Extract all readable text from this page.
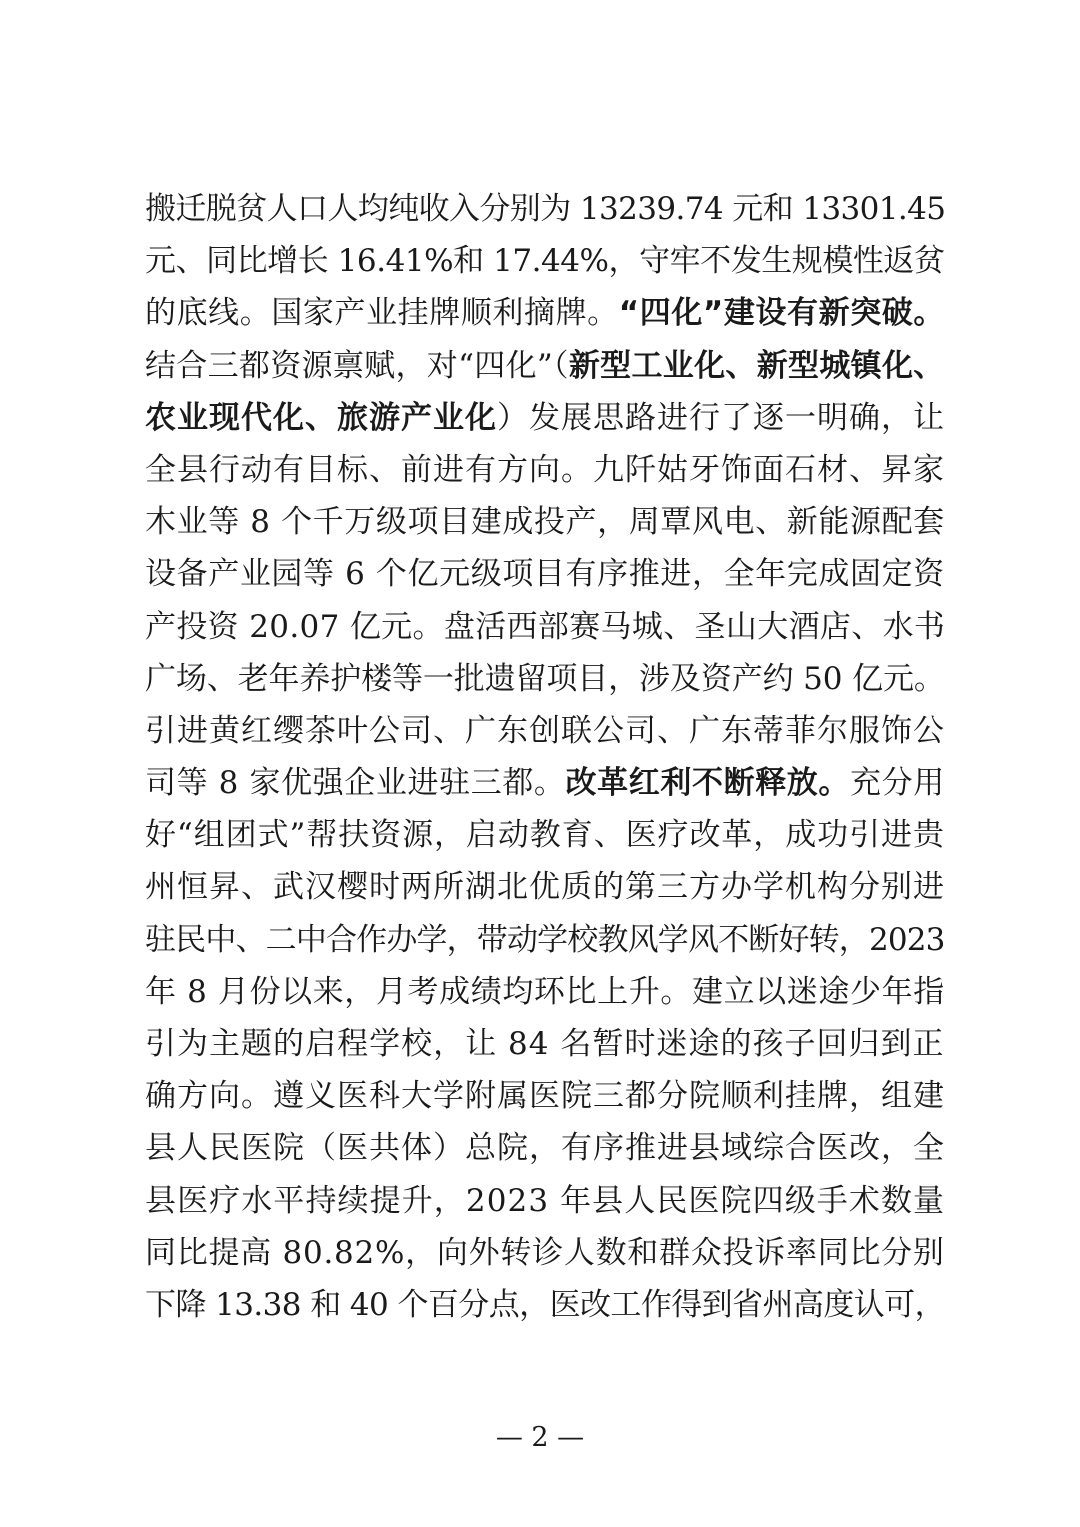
搬迁脱贫人口人均纯收入分别为 13239.74 元和 13301.45
元、同比增长 16.41%和 17.44%，守牢不发生规模性返贫
的底线。国家产业挂牌顺利摘牌。“四化”建设有新突破。
结合三都资源禀赋，对“四化”（新型工业化、新型城镇化、
农业现代化、旅游产业化）发展思路进行了逐一明确，让
全县行动有目标、前进有方向。九阡姑牙饰面石材、昇家
木业等 8 个千万级项目建成投产，周覃风电、新能源配套
设备产业园等 6 个亿元级项目有序推进，全年完成固定资
产投资 20.07 亿元。盘活西部赛马城、圣山大酒店、水书
广场、老年养护楼等一批遗留项目，涉及资产约 50 亿元。
引进黄红缨茶叶公司、广东创联公司、广东蒂菲尔服饰公
司等 8 家优强企业进驻三都。改革红利不断释放。充分用
好“组团式”帮扶资源，启动教育、医疗改革，成功引进贵
州恒昇、武汉樱时两所湖北优质的第三方办学机构分别进
驻民中、二中合作办学，带动学校教风学风不断好转，2023
年 8 月份以来，月考成绩均环比上升。建立以迷途少年指
引为主题的启程学校，让 84 名暂时迷途的孩子回归到正
确方向。遵义医科大学附属医院三都分院顺利挂牌，组建
县人民医院（医共体）总院，有序推进县域综合医改，全
县医疗水平持续提升，2023 年县人民医院四级手术数量
同比提高 80.82%，向外转诊人数和群众投诉率同比分别
下降 13.38 和 40 个百分点，医改工作得到省州高度认可，
— 2 —
